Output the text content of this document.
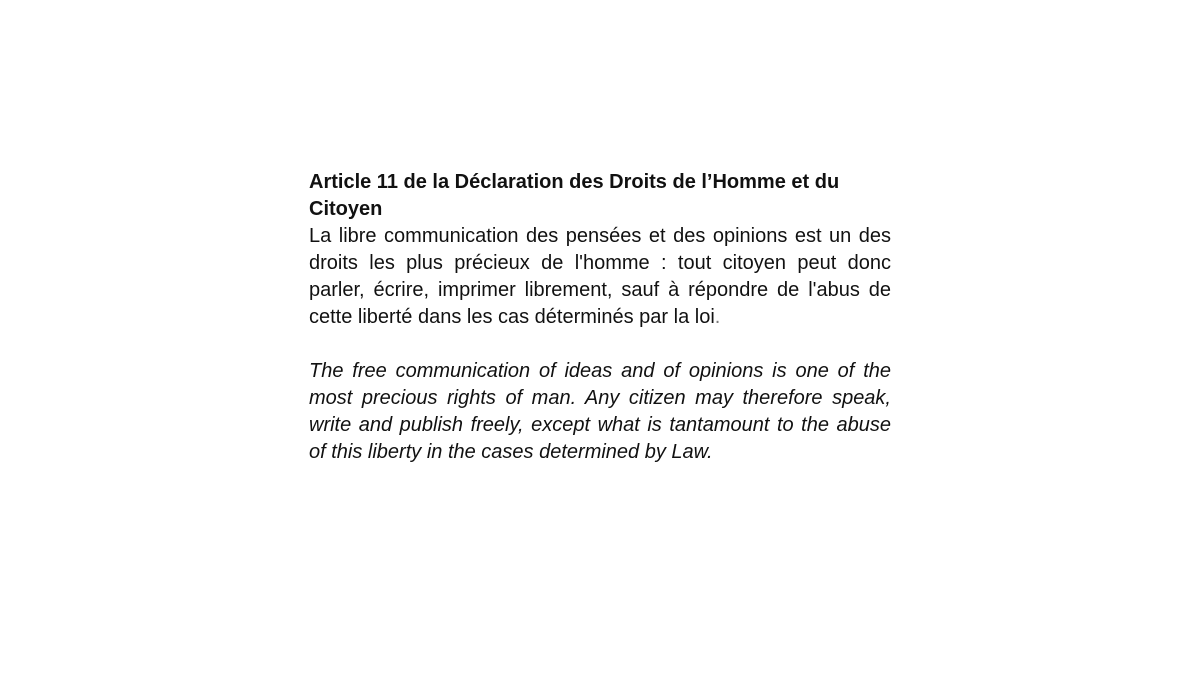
Article 11 de la Déclaration des Droits de l’Homme et du Citoyen

La libre communication des pensées et des opinions est un des droits les plus précieux de l'homme : tout citoyen peut donc parler, écrire, imprimer librement, sauf à répondre de l'abus de cette liberté dans les cas déterminés par la loi.

The free communication of ideas and of opinions is one of the most precious rights of man. Any citizen may therefore speak, write and publish freely, except what is tantamount to the abuse of this liberty in the cases determined by Law.
